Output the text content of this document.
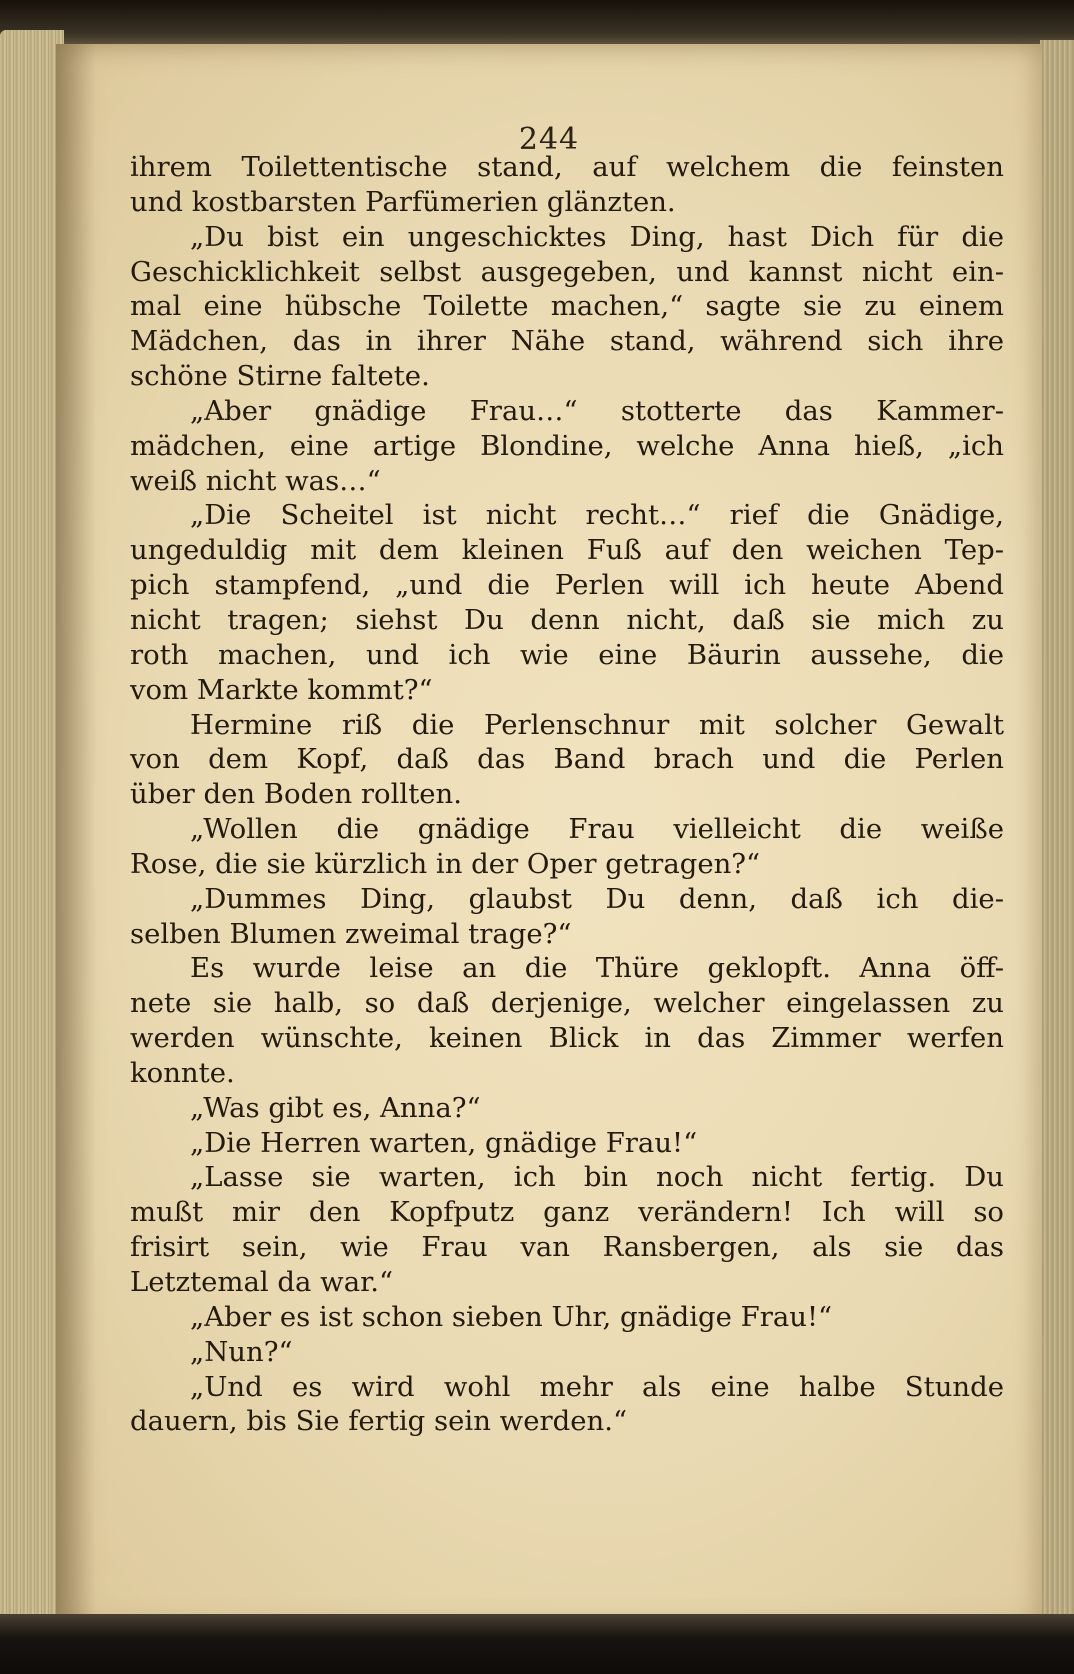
244
ihrem Toilettentische stand, auf welchem die feinsten
und kostbarsten Parfümerien glänzten.
„Du bist ein ungeschicktes Ding, hast Dich für die
Geschicklichkeit selbst ausgegeben, und kannst nicht ein-
mal eine hübsche Toilette machen,“ sagte sie zu einem
Mädchen, das in ihrer Nähe stand, während sich ihre
schöne Stirne faltete.
„Aber gnädige Frau…“ stotterte das Kammer-
mädchen, eine artige Blondine, welche Anna hieß, „ich
weiß nicht was…“
„Die Scheitel ist nicht recht…“ rief die Gnädige,
ungeduldig mit dem kleinen Fuß auf den weichen Tep-
pich stampfend, „und die Perlen will ich heute Abend
nicht tragen; siehst Du denn nicht, daß sie mich zu
roth machen, und ich wie eine Bäurin aussehe, die
vom Markte kommt?“
Hermine riß die Perlenschnur mit solcher Gewalt
von dem Kopf, daß das Band brach und die Perlen
über den Boden rollten.
„Wollen die gnädige Frau vielleicht die weiße
Rose, die sie kürzlich in der Oper getragen?“
„Dummes Ding, glaubst Du denn, daß ich die-
selben Blumen zweimal trage?“
Es wurde leise an die Thüre geklopft. Anna öff-
nete sie halb, so daß derjenige, welcher eingelassen zu
werden wünschte, keinen Blick in das Zimmer werfen
konnte.
„Was gibt es, Anna?“
„Die Herren warten, gnädige Frau!“
„Lasse sie warten, ich bin noch nicht fertig. Du
mußt mir den Kopfputz ganz verändern! Ich will so
frisirt sein, wie Frau van Ransbergen, als sie das
Letztemal da war.“
„Aber es ist schon sieben Uhr, gnädige Frau!“
„Nun?“
„Und es wird wohl mehr als eine halbe Stunde
dauern, bis Sie fertig sein werden.“
